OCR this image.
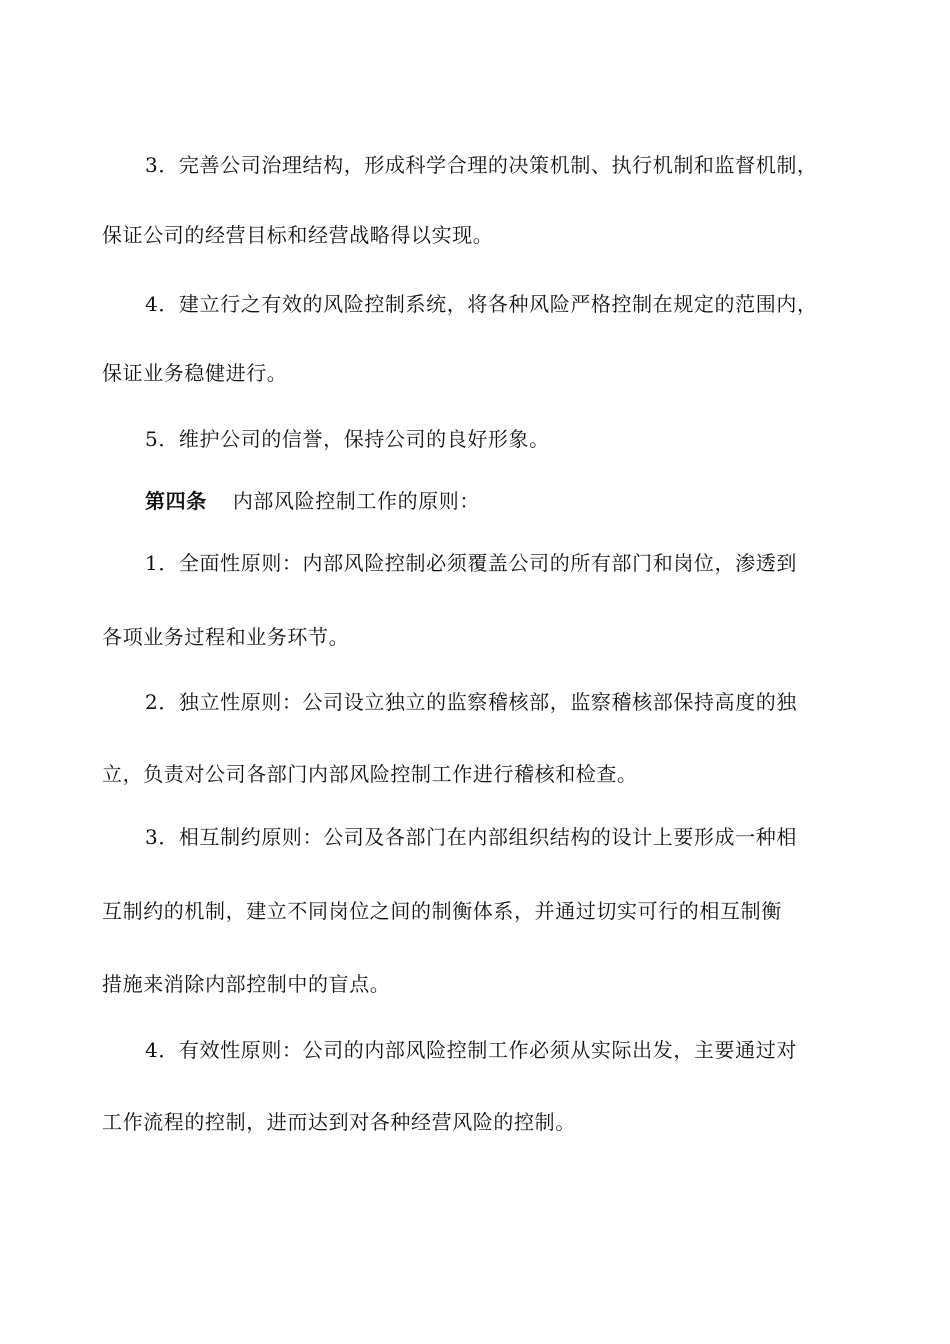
3．完善公司治理结构，形成科学合理的决策机制、执行机制和监督机制，
保证公司的经营目标和经营战略得以实现。
4．建立行之有效的风险控制系统，将各种风险严格控制在规定的范围内，
保证业务稳健进行。
5．维护公司的信誉，保持公司的良好形象。
第四条 内部风险控制工作的原则：
1．全面性原则：内部风险控制必须覆盖公司的所有部门和岗位，渗透到
各项业务过程和业务环节。
2．独立性原则：公司设立独立的监察稽核部，监察稽核部保持高度的独
立，负责对公司各部门内部风险控制工作进行稽核和检查。
3．相互制约原则：公司及各部门在内部组织结构的设计上要形成一种相
互制约的机制，建立不同岗位之间的制衡体系，并通过切实可行的相互制衡
措施来消除内部控制中的盲点。
4．有效性原则：公司的内部风险控制工作必须从实际出发，主要通过对
工作流程的控制，进而达到对各种经营风险的控制。
